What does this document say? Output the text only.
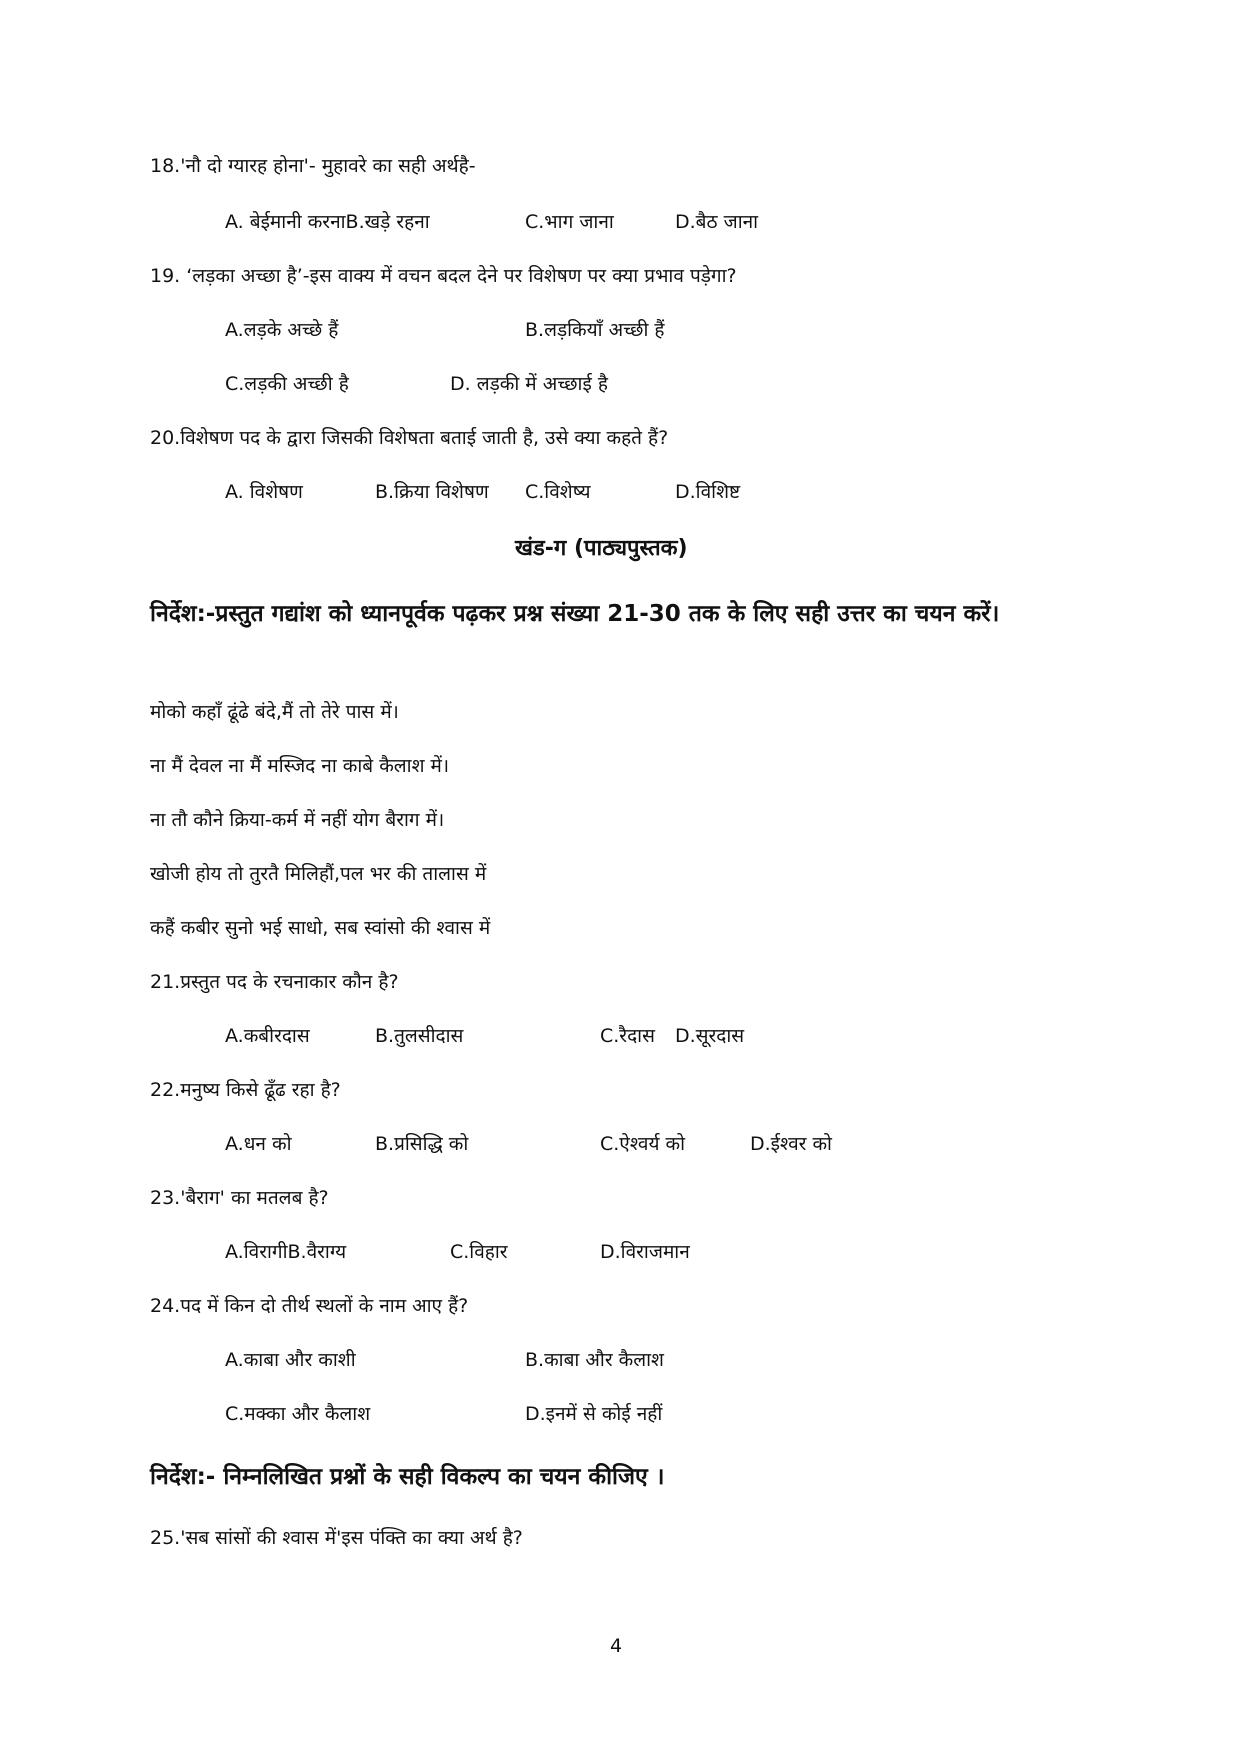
18.'नौ दो ग्यारह होना'- मुहावरे का सही अर्थहै-
A. बेईमानी करनाB.खड़े रहना	C.भाग जाना	D.बैठ जाना
19. ‘लड़का अच्छा है’-इस वाक्य में वचन बदल देने पर विशेषण पर क्या प्रभाव पड़ेगा?
A.लड़के अच्छे हैं	B.लड़कियाँ अच्छी हैं
C.लड़की अच्छी है	D. लड़की में अच्छाई है
20.विशेषण पद के द्वारा जिसकी विशेषता बताई जाती है, उसे क्या कहते हैं?
A. विशेषण	B.क्रिया विशेषण C.विशेष्य	D.विशिष्ट
खंड-ग (पाठ्यपुस्तक)
निर्देश:-प्रस्तुत गद्यांश को ध्यानपूर्वक पढ़कर प्रश्न संख्या 21-30 तक के लिए सही उत्तर का चयन करें।
मोको कहाँ ढूंढे बंदे,मैं तो तेरे पास में।
ना मैं देवल ना मैं मस्जिद ना काबे कैलाश में।
ना तौ कौने क्रिया-कर्म में नहीं योग बैराग में।
खोजी होय तो तुरतै मिलिहौं,पल भर की तालास में
कहैं कबीर सुनो भई साधो, सब स्वांसो की श्वास में
21.प्रस्तुत पद के रचनाकार कौन है?
A.कबीरदास	B.तुलसीदास	C.रैदास D.सूरदास
22.मनुष्य किसे ढूँढ रहा है?
A.धन को	B.प्रसिद्धि को	C.ऐश्वर्य को	D.ईश्वर को
23.'बैराग' का मतलब है?
A.विरागीB.वैराग्य	C.विहार	D.विराजमान
24.पद में किन दो तीर्थ स्थलों के नाम आए हैं?
A.काबा और काशी	B.काबा और कैलाश
C.मक्का और कैलाश	D.इनमें से कोई नहीं
निर्देश:- निम्नलिखित प्रश्नों के सही विकल्प का चयन कीजिए ।
25.'सब सांसों की श्वास में'इस पंक्ति का क्या अर्थ है?
4
